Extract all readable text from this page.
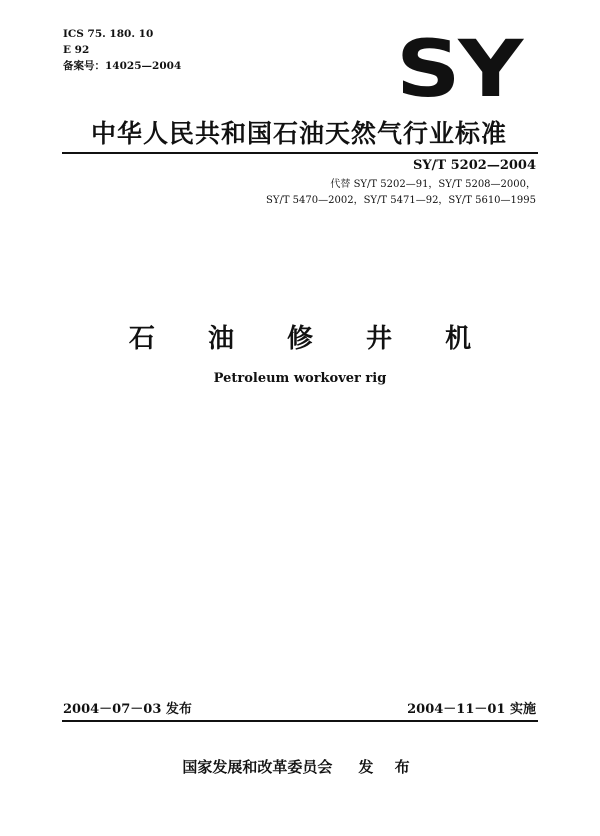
ICS 75. 180. 10
E 92
备案号：14025—2004	SY
中华人民共和国石油天然气行业标准
SY/T 5202—2004
代替 SY/T 5202—91，SY/T 5208—2000，
SY/T 5470—2002，SY/T 5471—92，SY/T 5610—1995
石 油 修 井 机
Petroleum workover rig
2004－07－03 发布	2004－11－01 实施
国家发展和改革委员会 发 布
